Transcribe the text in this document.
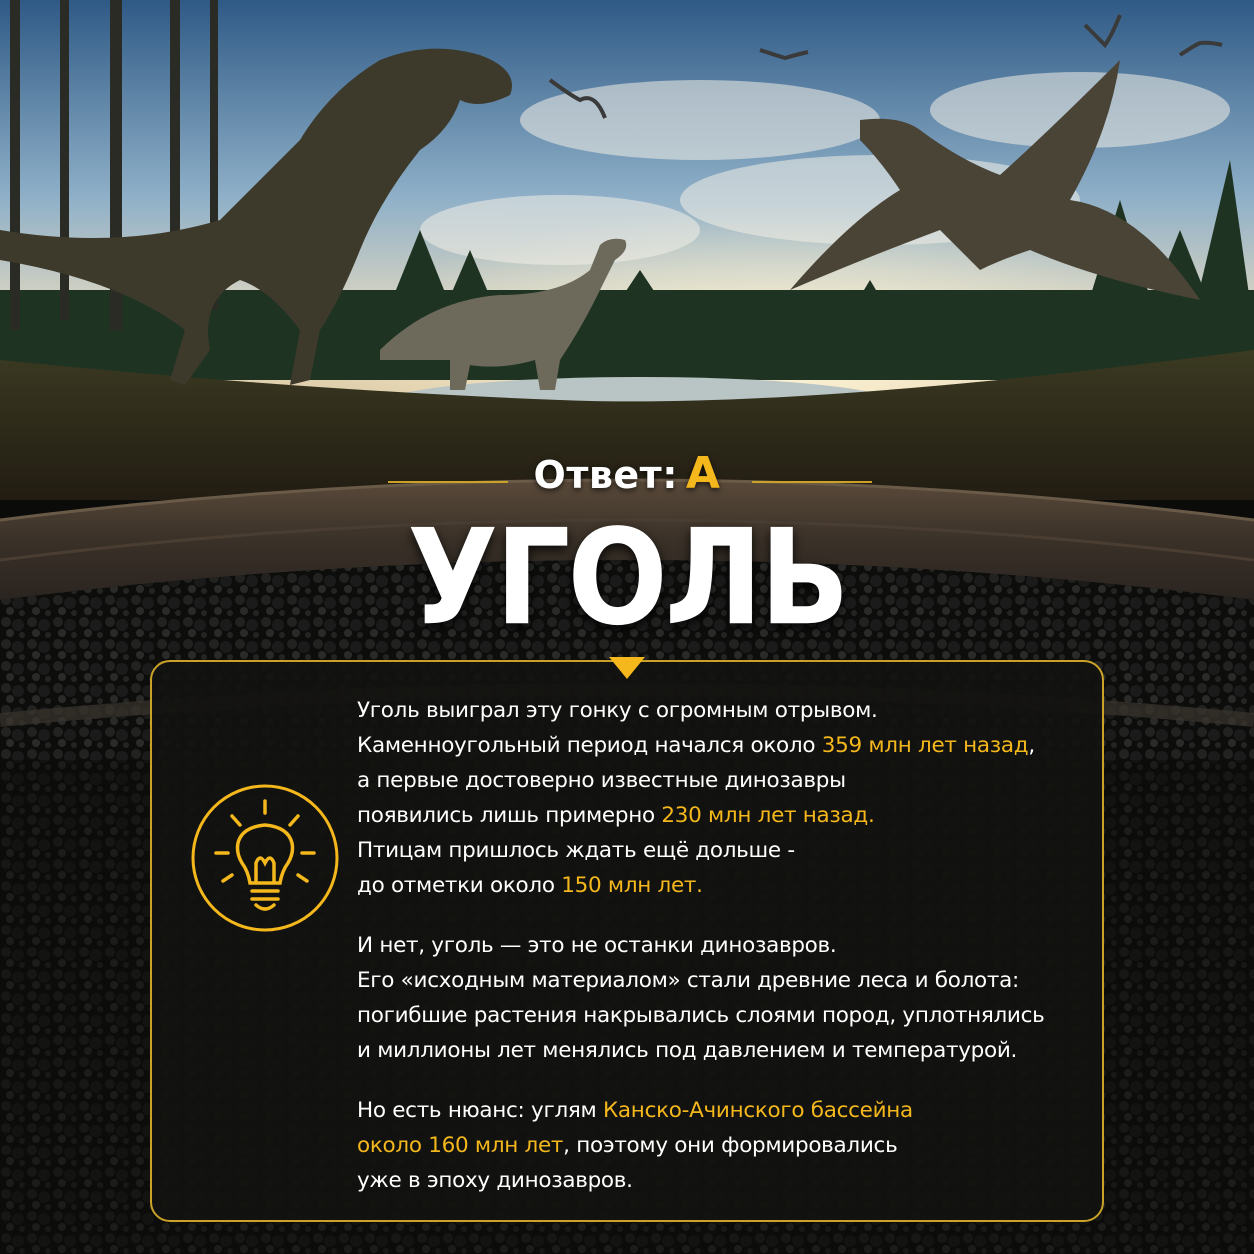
Ответ: А
УГОЛЬ
Уголь выиграл эту гонку с огромным отрывом.
Каменноугольный период начался около 359 млн лет назад,
а первые достоверно известные динозавры
появились лишь примерно 230 млн лет назад.
Птицам пришлось ждать ещё дольше -
до отметки около 150 млн лет.
И нет, уголь — это не останки динозавров.
Его «исходным материалом» стали древние леса и болота:
погибшие растения накрывались слоями пород, уплотнялись
и миллионы лет менялись под давлением и температурой.
Но есть нюанс: углям Канско-Ачинского бассейна
около 160 млн лет, поэтому они формировались
уже в эпоху динозавров.
